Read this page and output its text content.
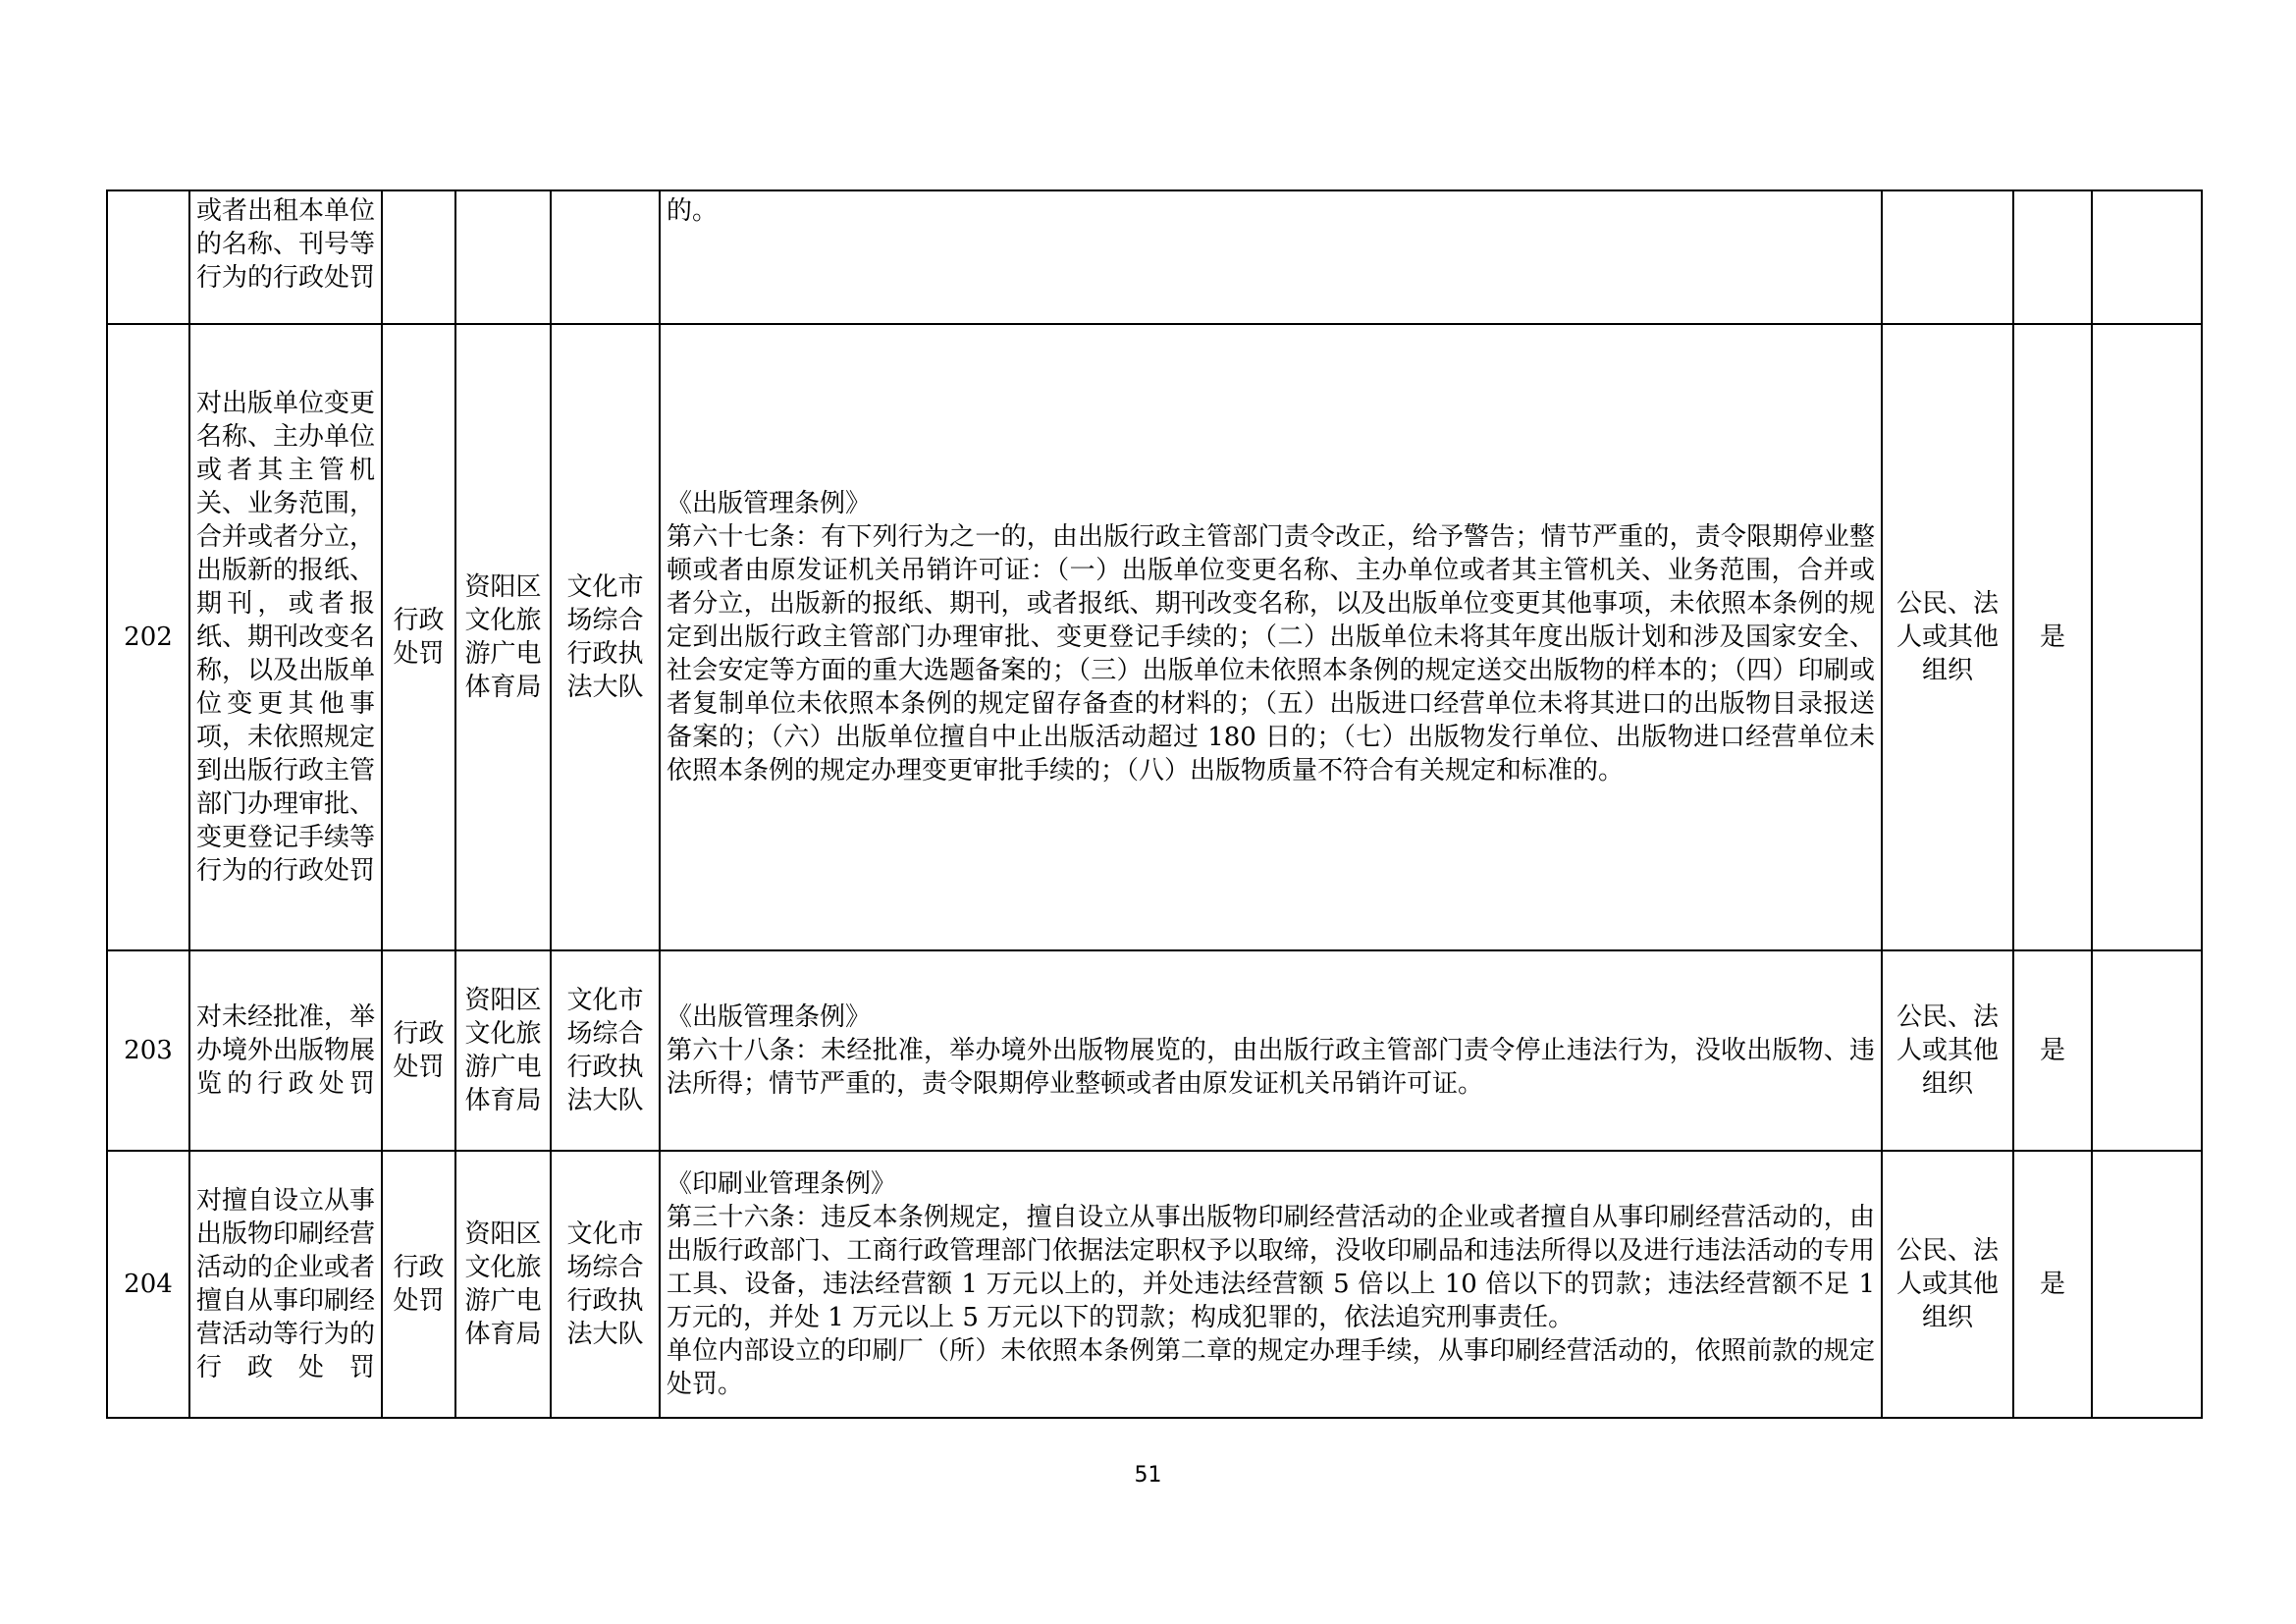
	或者出租本单位的名称、刊号等行为的行政处罚				的。			

202	对出版单位变更名称、主办单位或者其主管机关、业务范围，合并或者分立，出版新的报纸、期刊，或者报纸、期刊改变名称，以及出版单位变更其他事项，未依照规定到出版行政主管部门办理审批、变更登记手续等行为的行政处罚	行政处罚	资阳区文化旅游广电体育局	文化市场综合行政执法大队	《出版管理条例》

第六十七条：有下列行为之一的，由出版行政主管部门责令改正，给予警告；情节严重的，责令限期停业整顿或者由原发证机关吊销许可证：（一）出版单位变更名称、主办单位或者其主管机关、业务范围，合并或者分立，出版新的报纸、期刊，或者报纸、期刊改变名称，以及出版单位变更其他事项，未依照本条例的规定到出版行政主管部门办理审批、变更登记手续的；（二）出版单位未将其年度出版计划和涉及国家安全、社会安定等方面的重大选题备案的；（三）出版单位未依照本条例的规定送交出版物的样本的；（四）印刷或者复制单位未依照本条例的规定留存备查的材料的；（五）出版进口经营单位未将其进口的出版物目录报送备案的；（六）出版单位擅自中止出版活动超过 180 日的；（七）出版物发行单位、出版物进口经营单位未依照本条例的规定办理变更审批手续的；（八）出版物质量不符合有关规定和标准的。	公民、法人或其他组织	是	
203	对未经批准，举办境外出版物展览的行政处罚	行政处罚	资阳区文化旅游广电体育局	文化市场综合行政执法大队	《出版管理条例》

第六十八条：未经批准，举办境外出版物展览的，由出版行政主管部门责令停止违法行为，没收出版物、违法所得；情节严重的，责令限期停业整顿或者由原发证机关吊销许可证。	公民、法人或其他组织	是	
204	对擅自设立从事出版物印刷经营活动的企业或者擅自从事印刷经营活动等行为的行政处罚	行政处罚	资阳区文化旅游广电体育局	文化市场综合行政执法大队	《印刷业管理条例》

第三十六条：违反本条例规定，擅自设立从事出版物印刷经营活动的企业或者擅自从事印刷经营活动的，由出版行政部门、工商行政管理部门依据法定职权予以取缔，没收印刷品和违法所得以及进行违法活动的专用工具、设备，违法经营额 1 万元以上的，并处违法经营额 5 倍以上 10 倍以下的罚款；违法经营额不足 1 万元的，并处 1 万元以上 5 万元以下的罚款；构成犯罪的，依法追究刑事责任。

单位内部设立的印刷厂（所）未依照本条例第二章的规定办理手续，从事印刷经营活动的，依照前款的规定处罚。	公民、法人或其他组织	是	
51
